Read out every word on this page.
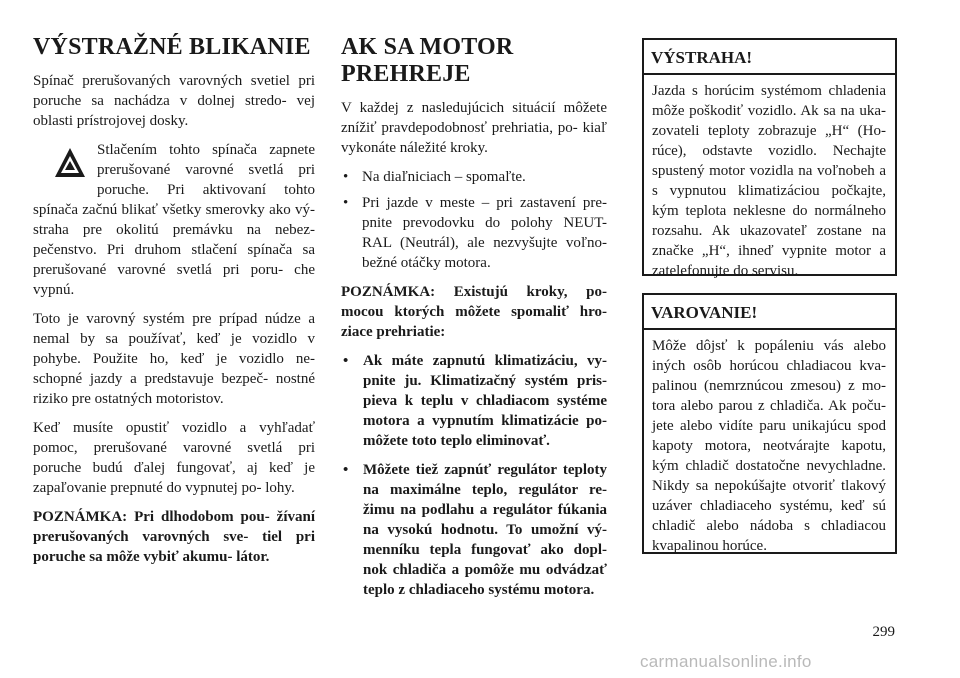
VÝSTRAŽNÉ BLIKANIE

Spínač prerušovaných varovných svetiel pri poruche sa nachádza v dolnej stredo- vej oblasti prístrojovej dosky.

Stlačením tohto spínača zapnete prerušované varovné svetlá pri poruche. Pri aktivovaní tohto spínača začnú blikať všetky smerovky ako vý- straha pre okolitú premávku na nebez- pečenstvo. Pri druhom stlačení spínača sa prerušované varovné svetlá pri poru- che vypnú.

Toto je varovný systém pre prípad núdze a nemal by sa používať, keď je vozidlo v pohybe. Použite ho, keď je vozidlo ne- schopné jazdy a predstavuje bezpeč- nostné riziko pre ostatných motoristov.

Keď musíte opustiť vozidlo a vyhľadať pomoc, prerušované varovné svetlá pri poruche budú ďalej fungovať, aj keď je zapaľovanie prepnuté do vypnutej po- lohy.

POZNÁMKA: Pri dlhodobom pou- žívaní prerušovaných varovných sve- tiel pri poruche sa môže vybiť akumu- látor.

AK SA MOTOR PREHREJE

V každej z nasledujúcich situácií môžete znížiť pravdepodobnosť prehriatia, po- kiaľ vykonáte náležité kroky.

• Na diaľniciach – spomaľte.
• Pri jazde v meste – pri zastavení pre- pnite prevodovku do polohy NEUT- RAL (Neutrál), ale nezvyšujte voľno- bežné otáčky motora.

POZNÁMKA: Existujú kroky, po- mocou ktorých môžete spomaliť hro- ziace prehriatie:

• Ak máte zapnutú klimatizáciu, vy- pnite ju. Klimatizačný systém pris- pieva k teplu v chladiacom systéme motora a vypnutím klimatizácie po- môžete toto teplo eliminovať.
• Môžete tiež zapnúť regulátor teploty na maximálne teplo, regulátor re- žimu na podlahu a regulátor fúkania na vysokú hodnotu. To umožní vý- menníku tepla fungovať ako dopl- nok chladiča a pomôže mu odvádzať teplo z chladiaceho systému motora.
VÝSTRAHA!
Jazda s horúcim systémom chladenia môže poškodiť vozidlo. Ak sa na uka- zovateli teploty zobrazuje „H“ (Ho- rúce), odstavte vozidlo. Nechajte spustený motor vozidla na voľnobeh a s vypnutou klimatizáciou počkajte, kým teplota neklesne do normálneho rozsahu. Ak ukazovateľ zostane na značke „H“, ihneď vypnite motor a zatelefonujte do servisu.
VAROVANIE!
Môže dôjsť k popáleniu vás alebo iných osôb horúcou chladiacou kva- palinou (nemrznúcou zmesou) z mo- tora alebo parou z chladiča. Ak poču- jete alebo vidíte paru unikajúcu spod kapoty motora, neotvárajte kapotu, kým chladič dostatočne nevychladne. Nikdy sa nepokúšajte otvoriť tlakový uzáver chladiaceho systému, keď sú chladič alebo nádoba s chladiacou kvapalinou horúce.
299
carmanualsonline.info
